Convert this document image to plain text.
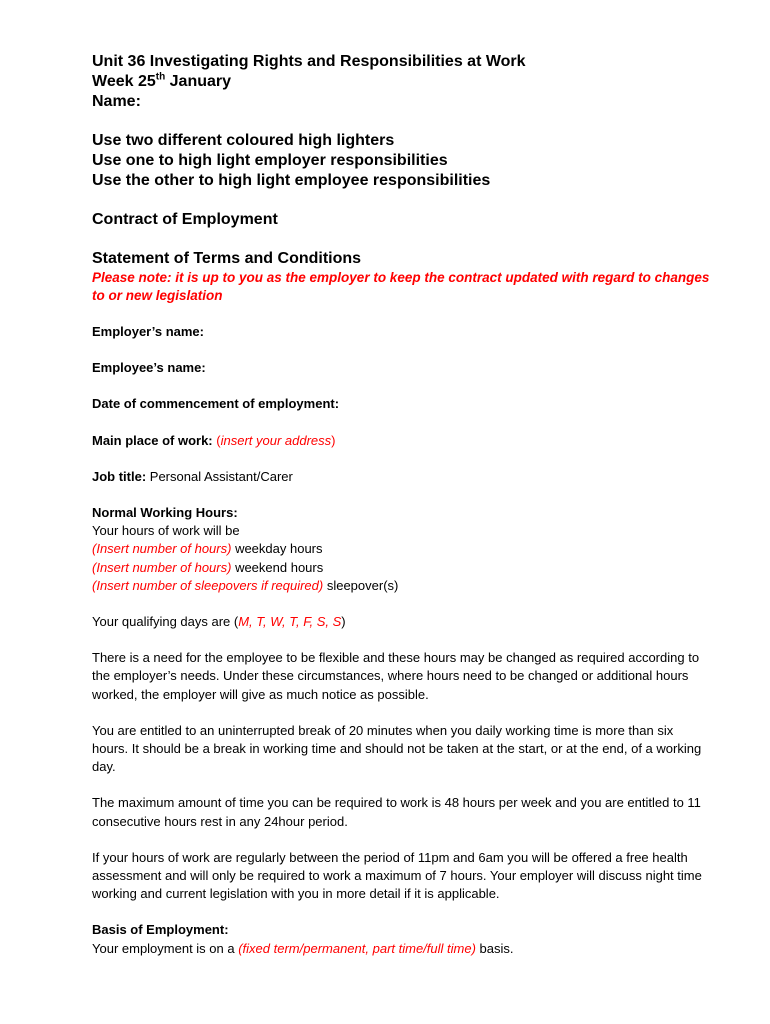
Unit 36 Investigating Rights and Responsibilities at Work

Week 25th January

Name:

Use two different coloured high lighters

Use one to high light employer responsibilities

Use the other to high light employee responsibilities

Contract of Employment

Statement of Terms and Conditions

Please note: it is up to you as the employer to keep the contract updated with regard to changes to or new legislation

Employer’s name:

Employee’s name:

Date of commencement of employment:

Main place of work: (insert your address)

Job title: Personal Assistant/Carer

Normal Working Hours:

Your hours of work will be

(Insert number of hours) weekday hours

(Insert number of hours) weekend hours

(Insert number of sleepovers if required) sleepover(s)

Your qualifying days are (M, T, W, T, F, S, S)

There is a need for the employee to be flexible and these hours may be changed as required according to the employer’s needs. Under these circumstances, where hours need to be changed or additional hours worked, the employer will give as much notice as possible.

You are entitled to an uninterrupted break of 20 minutes when you daily working time is more than six hours. It should be a break in working time and should not be taken at the start, or at the end, of a working day.

The maximum amount of time you can be required to work is 48 hours per week and you are entitled to 11 consecutive hours rest in any 24hour period.

If your hours of work are regularly between the period of 11pm and 6am you will be offered a free health assessment and will only be required to work a maximum of 7 hours. Your employer will discuss night time working and current legislation with you in more detail if it is applicable.

Basis of Employment:

Your employment is on a (fixed term/permanent, part time/full time) basis.
